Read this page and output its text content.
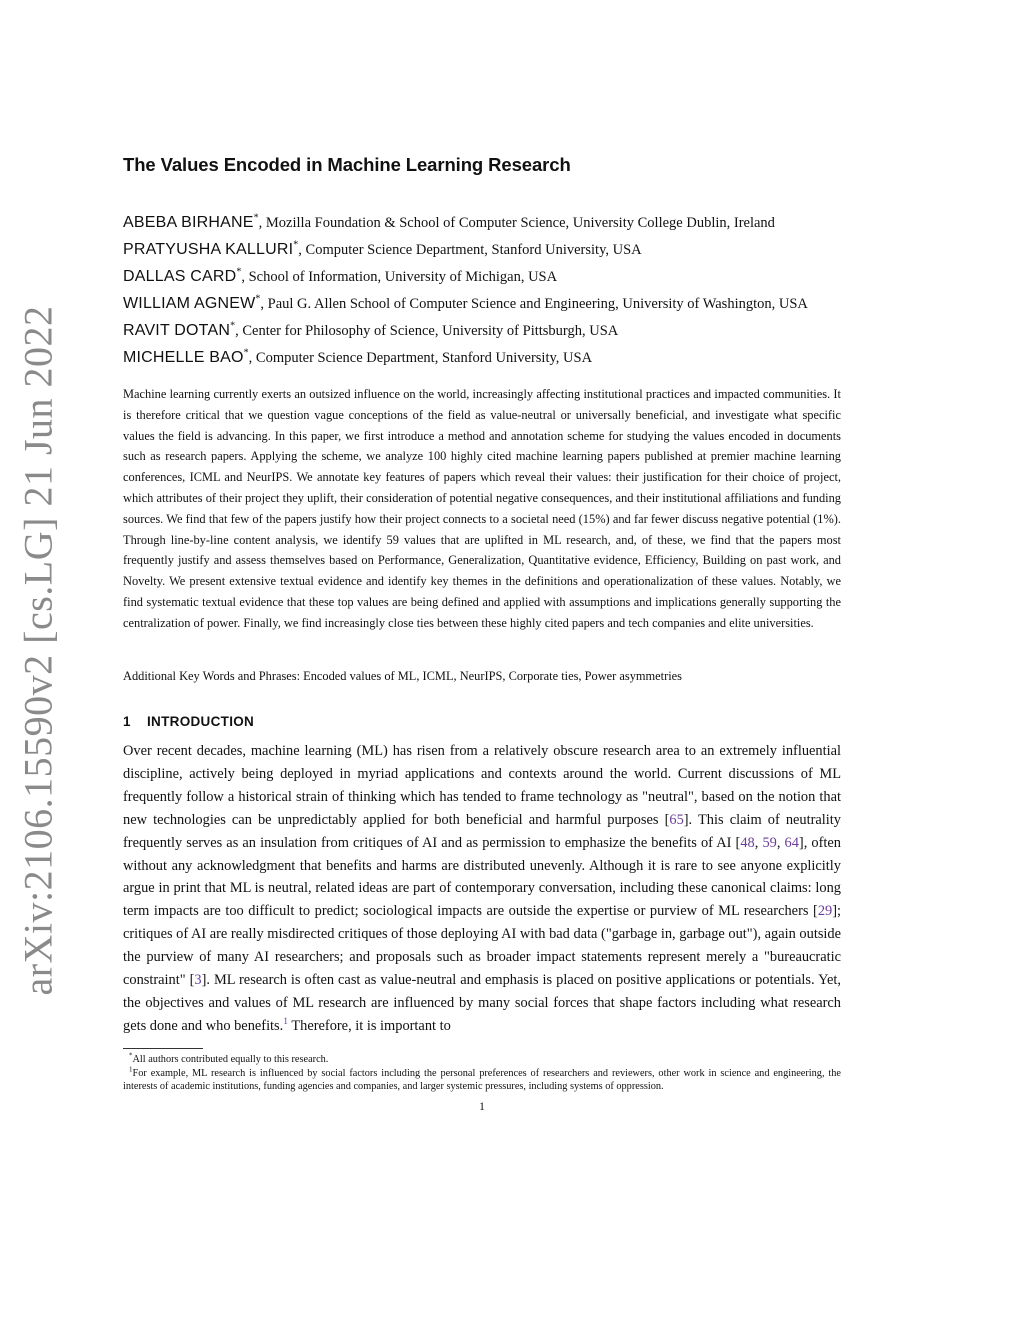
arXiv:2106.15590v2 [cs.LG] 21 Jun 2022
The Values Encoded in Machine Learning Research
ABEBA BIRHANE*, Mozilla Foundation & School of Computer Science, University College Dublin, Ireland
PRATYUSHA KALLURI*, Computer Science Department, Stanford University, USA
DALLAS CARD*, School of Information, University of Michigan, USA
WILLIAM AGNEW*, Paul G. Allen School of Computer Science and Engineering, University of Washington, USA
RAVIT DOTAN*, Center for Philosophy of Science, University of Pittsburgh, USA
MICHELLE BAO*, Computer Science Department, Stanford University, USA

Machine learning currently exerts an outsized influence on the world, increasingly affecting institutional practices and impacted communities. It is therefore critical that we question vague conceptions of the field as value-neutral or universally beneficial, and investigate what specific values the field is advancing. In this paper, we first introduce a method and annotation scheme for studying the values encoded in documents such as research papers. Applying the scheme, we analyze 100 highly cited machine learning papers published at premier machine learning conferences, ICML and NeurIPS. We annotate key features of papers which reveal their values: their justification for their choice of project, which attributes of their project they uplift, their consideration of potential negative consequences, and their institutional affiliations and funding sources. We find that few of the papers justify how their project connects to a societal need (15%) and far fewer discuss negative potential (1%). Through line-by-line content analysis, we identify 59 values that are uplifted in ML research, and, of these, we find that the papers most frequently justify and assess themselves based on Performance, Generalization, Quantitative evidence, Efficiency, Building on past work, and Novelty. We present extensive textual evidence and identify key themes in the definitions and operationalization of these values. Notably, we find systematic textual evidence that these top values are being defined and applied with assumptions and implications generally supporting the centralization of power. Finally, we find increasingly close ties between these highly cited papers and tech companies and elite universities.

Additional Key Words and Phrases: Encoded values of ML, ICML, NeurIPS, Corporate ties, Power asymmetries

1 INTRODUCTION

Over recent decades, machine learning (ML) has risen from a relatively obscure research area to an extremely influential discipline, actively being deployed in myriad applications and contexts around the world. Current discussions of ML frequently follow a historical strain of thinking which has tended to frame technology as "neutral", based on the notion that new technologies can be unpredictably applied for both beneficial and harmful purposes [65]. This claim of neutrality frequently serves as an insulation from critiques of AI and as permission to emphasize the benefits of AI [48, 59, 64], often without any acknowledgment that benefits and harms are distributed unevenly. Although it is rare to see anyone explicitly argue in print that ML is neutral, related ideas are part of contemporary conversation, including these canonical claims: long term impacts are too difficult to predict; sociological impacts are outside the expertise or purview of ML researchers [29]; critiques of AI are really misdirected critiques of those deploying AI with bad data ("garbage in, garbage out"), again outside the purview of many AI researchers; and proposals such as broader impact statements represent merely a "bureaucratic constraint" [3]. ML research is often cast as value-neutral and emphasis is placed on positive applications or potentials. Yet, the objectives and values of ML research are influenced by many social forces that shape factors including what research gets done and who benefits.$^1$ Therefore, it is important to

*All authors contributed equally to this research.

$^1$For example, ML research is influenced by social factors including the personal preferences of researchers and reviewers, other work in science and engineering, the interests of academic institutions, funding agencies and companies, and larger systemic pressures, including systems of oppression.

1
